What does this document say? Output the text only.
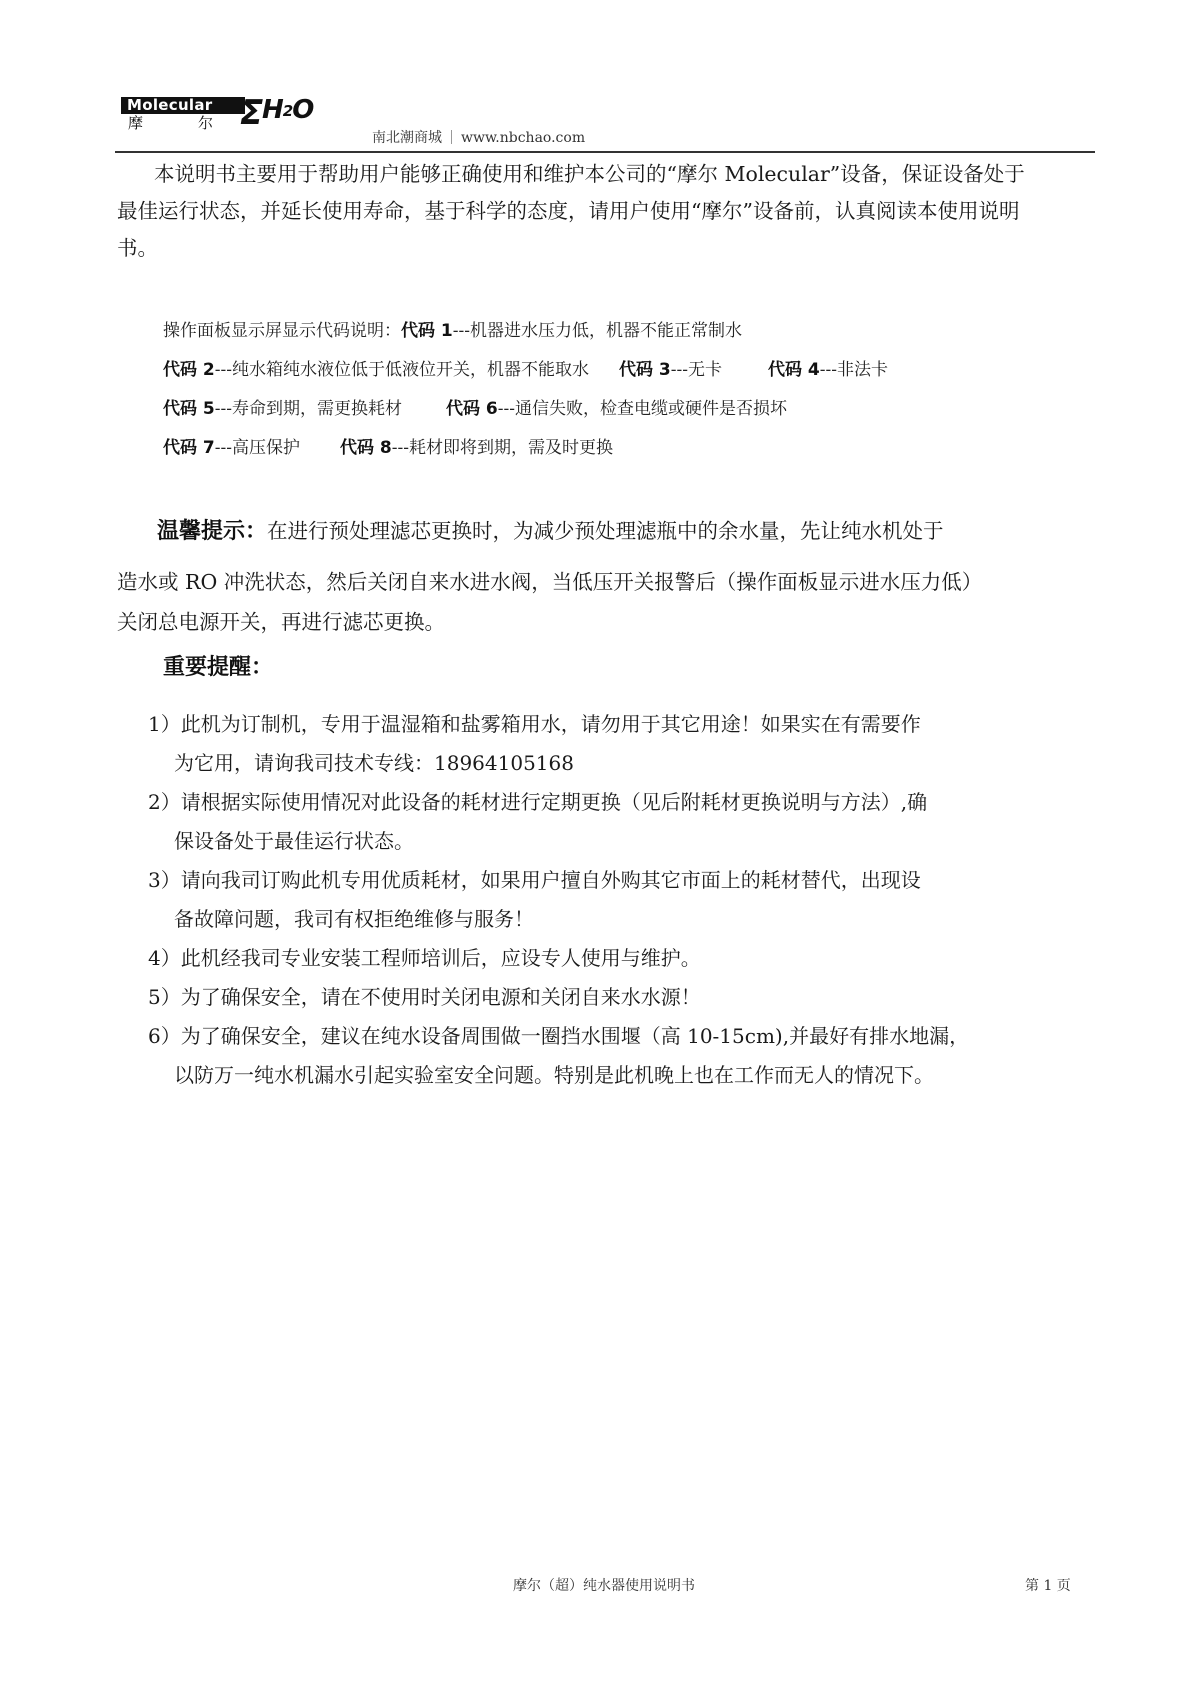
Molecular
摩	尔 Σ
$H_2O$
南北潮商城 www.nbchao.com
本说明书主要用于帮助用户能够正确使用和维护本公司的“摩尔 Molecular”设备，保证设备处于最佳运行状态，并延长使用寿命，基于科学的态度，请用户使用“摩尔”设备前，认真阅读本使用说明书。
操作面板显示屏显示代码说明：代码 1---机器进水压力低，机器不能正常制水
代码 2---纯水箱纯水液位低于低液位开关，机器不能取水 代码 3---无卡	代码 4---非法卡
代码 5---寿命到期，需更换耗材	代码 6---通信失败，检查电缆或硬件是否损坏
代码 7---高压保护 代码 8---耗材即将到期，需及时更换
温馨提示：在进行预处理滤芯更换时，为减少预处理滤瓶中的余水量，先让纯水机处于
造水或 RO 冲洗状态，然后关闭自来水进水阀，当低压开关报警后（操作面板显示进水压力低）
关闭总电源开关，再进行滤芯更换。
重要提醒：
1）此机为订制机，专用于温湿箱和盐雾箱用水，请勿用于其它用途！如果实在有需要作
为它用，请询我司技术专线：18964105168
2）请根据实际使用情况对此设备的耗材进行定期更换（见后附耗材更换说明与方法）,确
保设备处于最佳运行状态。
3）请向我司订购此机专用优质耗材，如果用户擅自外购其它市面上的耗材替代，出现设
备故障问题，我司有权拒绝维修与服务！
4）此机经我司专业安装工程师培训后，应设专人使用与维护。
5）为了确保安全，请在不使用时关闭电源和关闭自来水水源！
6）为了确保安全，建议在纯水设备周围做一圈挡水围堰（高 10-15cm),并最好有排水地漏，
以防万一纯水机漏水引起实验室安全问题。特别是此机晚上也在工作而无人的情况下。
摩尔（超）纯水器使用说明书	第 1 页
